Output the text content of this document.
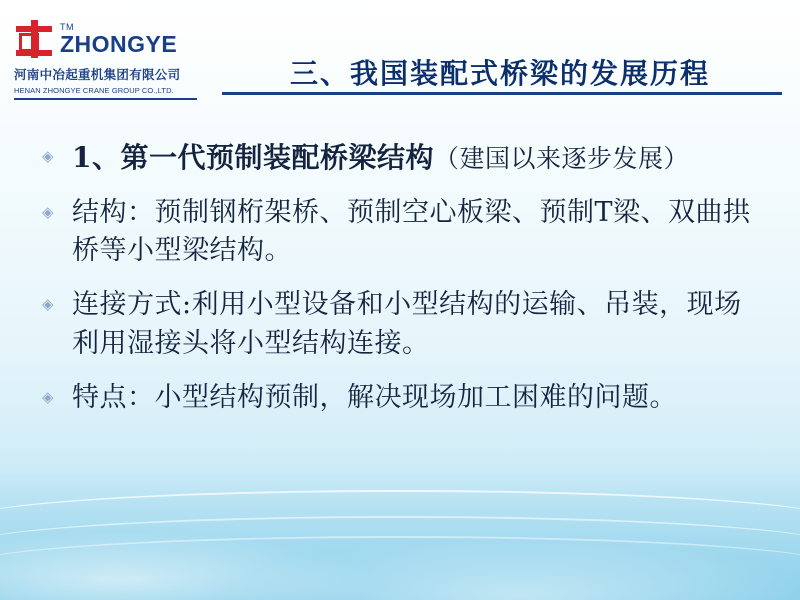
TM
ZHONGYE
河南中冶起重机集团有限公司
HENAN ZHONGYE CRANE GROUP CO.,LTD.
三、我国装配式桥梁的发展历程
◈ 1、第一代预制装配桥梁结构（建国以来逐步发展）
◈ 结构：预制钢桁架桥、预制空心板梁、预制T梁、双曲拱桥等小型梁结构。
◈ 连接方式:利用小型设备和小型结构的运输、吊装，现场利用湿接头将小型结构连接。
◈ 特点：小型结构预制，解决现场加工困难的问题。
